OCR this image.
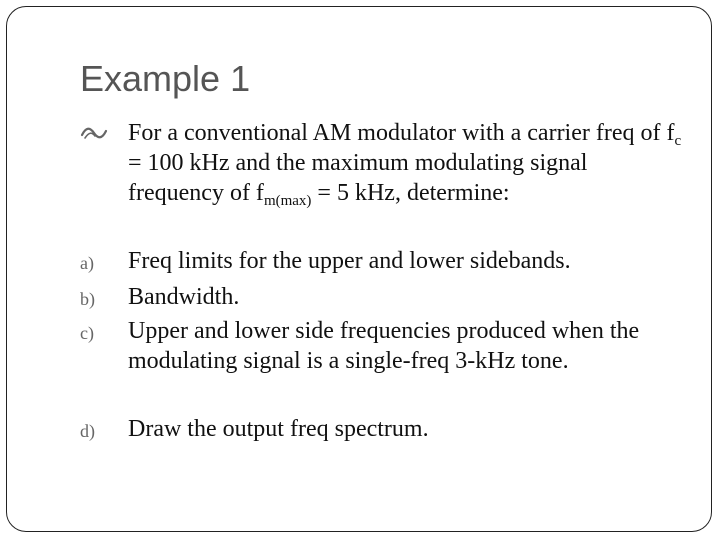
Example 1
For a conventional AM modulator with a carrier freq of $f_c = 100$ kHz and the maximum modulating signal frequency of $f_{m(max)} = 5$ kHz, determine:
a) Freq limits for the upper and lower sidebands.
b) Bandwidth.
c) Upper and lower side frequencies produced when the modulating signal is a single-freq 3-kHz tone.
d) Draw the output freq spectrum.
